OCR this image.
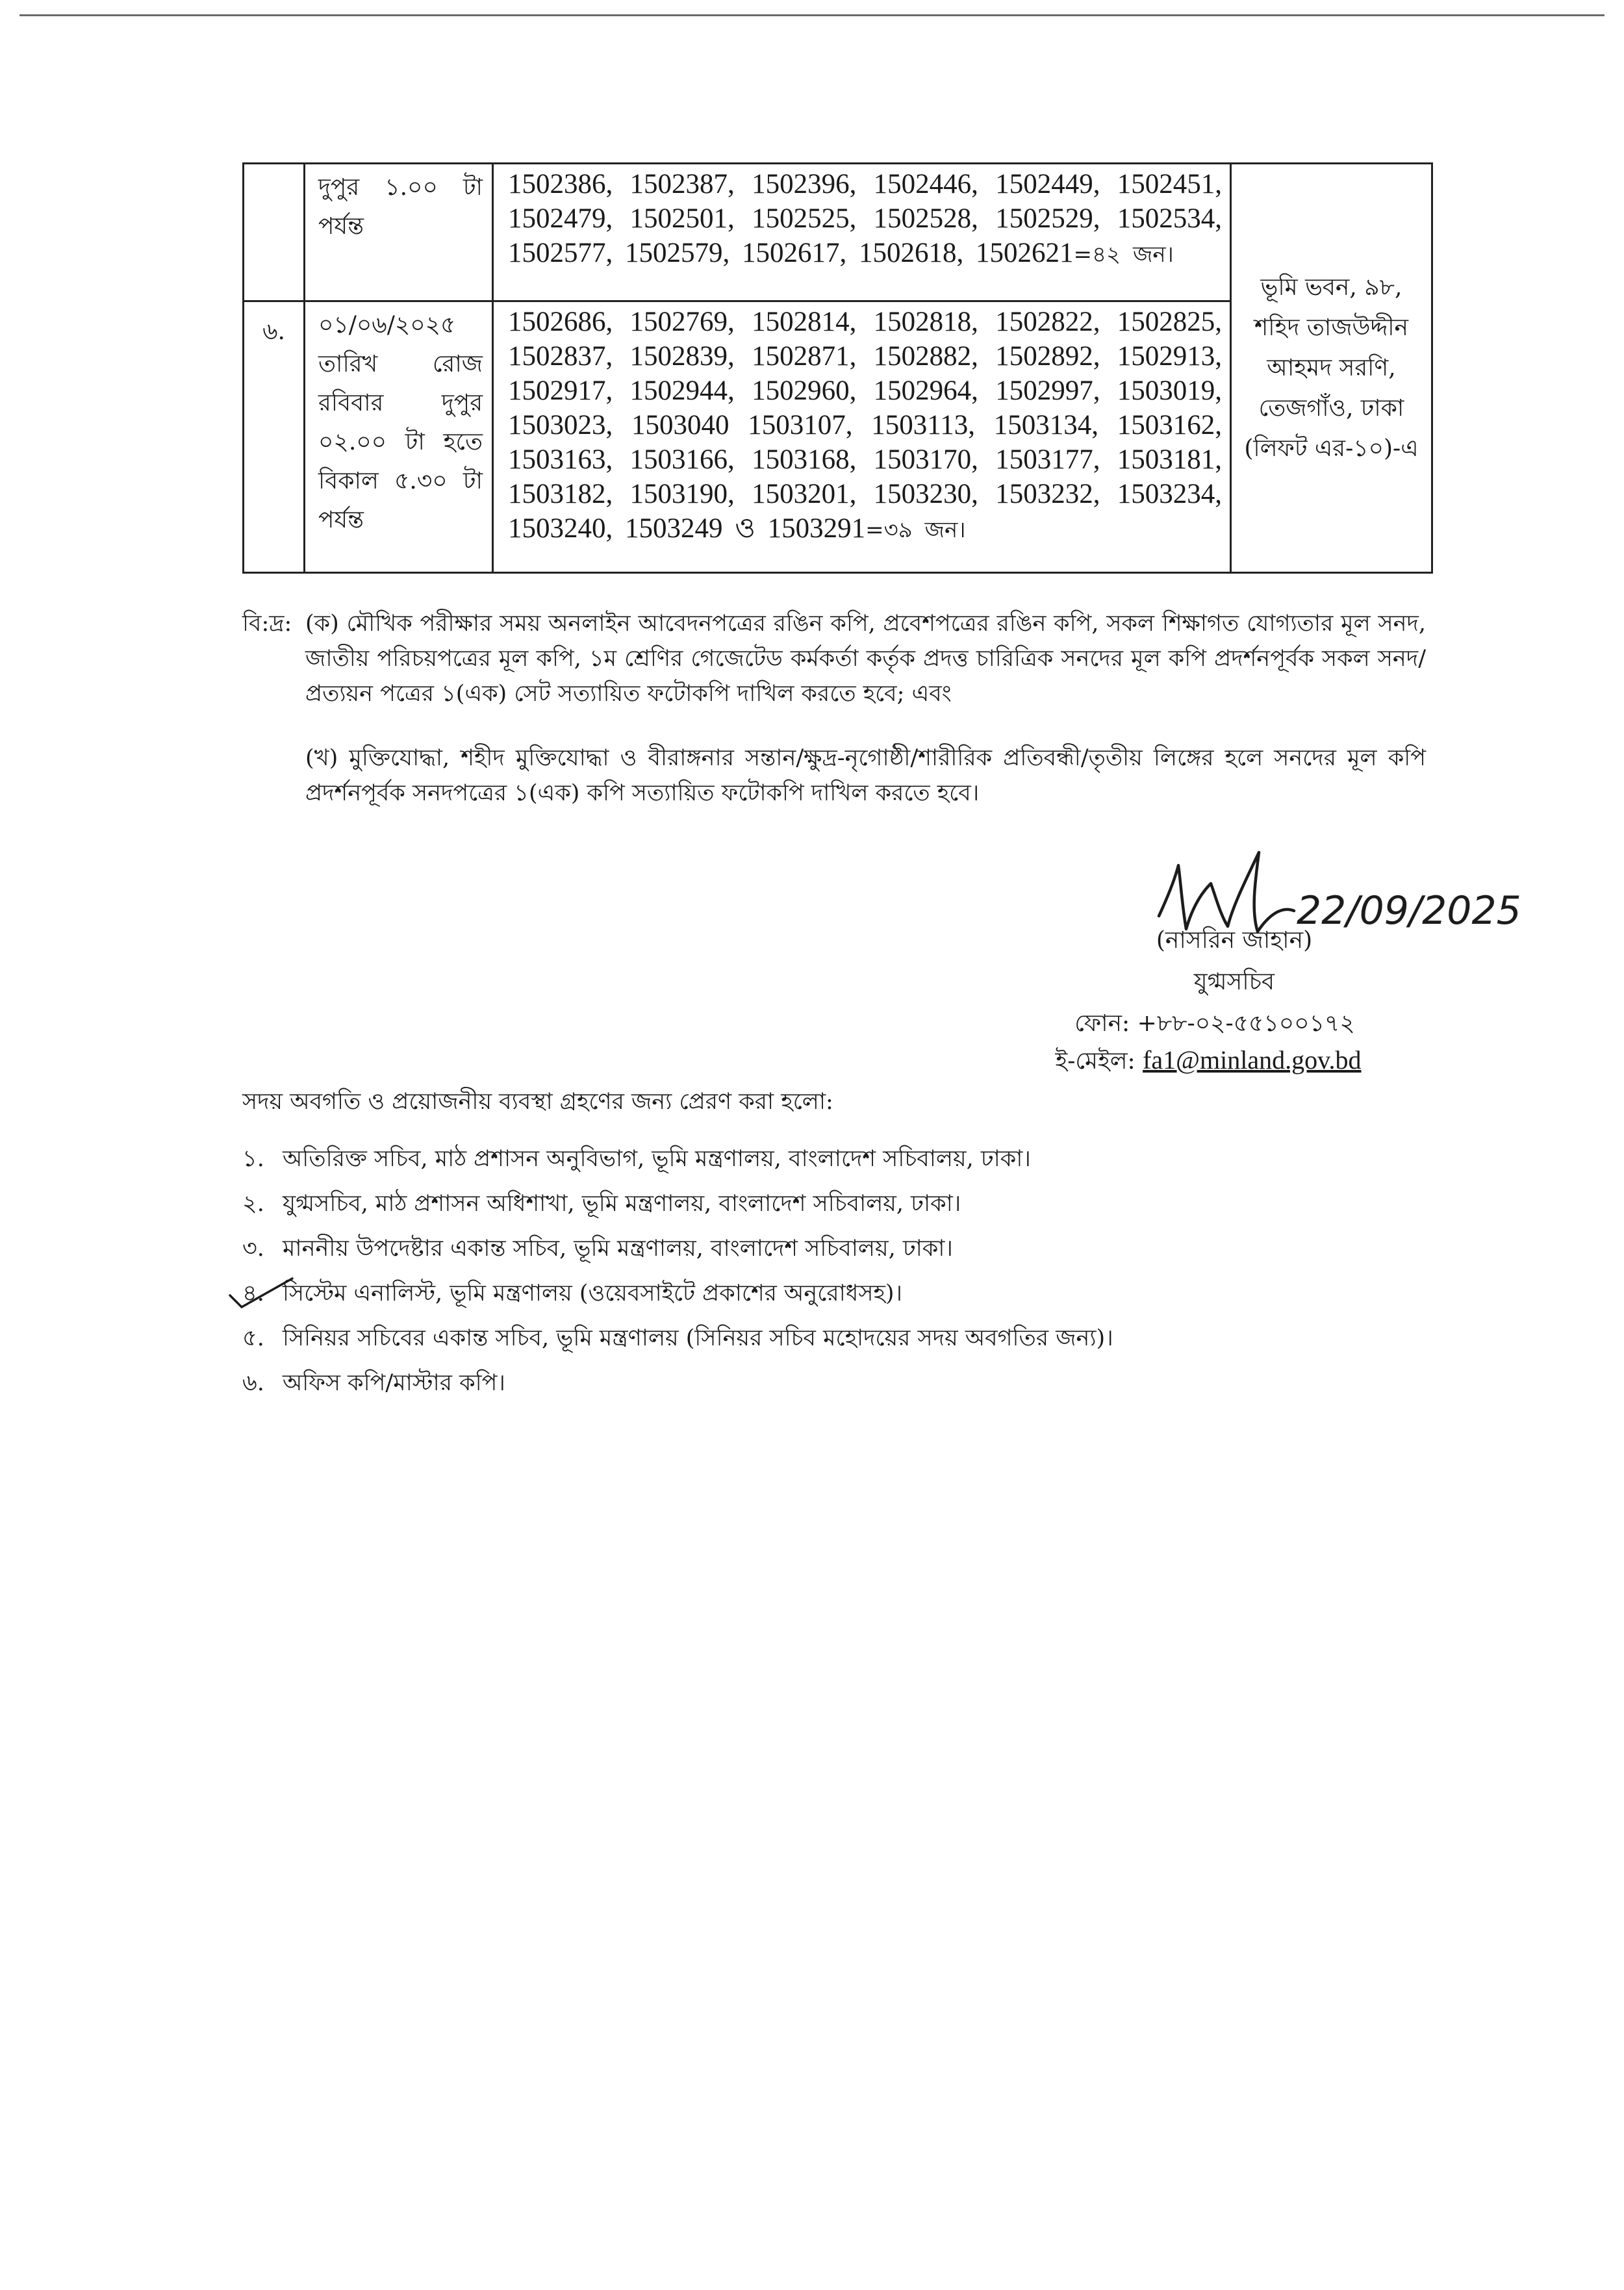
	দুপুর ১.০০ টা পর্যন্ত	1502386, 1502387, 1502396, 1502446, 1502449, 1502451, 1502479, 1502501, 1502525, 1502528, 1502529, 1502534, 1502577, 1502579, 1502617, 1502618, 1502621=৪২ জন।	ভূমি ভবন, ৯৮, শহিদ তাজউদ্দীন আহমদ সরণি, তেজগাঁও, ঢাকা (লিফট এর-১০)-এ
৬.	০১/০৬/২০২৫ তারিখ রোজ রবিবার দুপুর ০২.০০ টা হতে বিকাল ৫.৩০ টা পর্যন্ত	1502686, 1502769, 1502814, 1502818, 1502822, 1502825, 1502837, 1502839, 1502871, 1502882, 1502892, 1502913, 1502917, 1502944, 1502960, 1502964, 1502997, 1503019, 1503023, 1503040 1503107, 1503113, 1503134, 1503162, 1503163, 1503166, 1503168, 1503170, 1503177, 1503181, 1503182, 1503190, 1503201, 1503230, 1503232, 1503234, 1503240, 1503249 ও 1503291=৩৯ জন।	
বি:দ্র: (ক) মৌখিক পরীক্ষার সময় অনলাইন আবেদনপত্রের রঙিন কপি, প্রবেশপত্রের রঙিন কপি, সকল শিক্ষাগত যোগ্যতার মূল সনদ, জাতীয় পরিচয়পত্রের মূল কপি, ১ম শ্রেণির গেজেটেড কর্মকর্তা কর্তৃক প্রদত্ত চারিত্রিক সনদের মূল কপি প্রদর্শনপূর্বক সকল সনদ/প্রত্যয়ন পত্রের ১(এক) সেট সত্যায়িত ফটোকপি দাখিল করতে হবে; এবং
(খ) মুক্তিযোদ্ধা, শহীদ মুক্তিযোদ্ধা ও বীরাঙ্গনার সন্তান/ক্ষুদ্র-নৃগোষ্ঠী/শারীরিক প্রতিবন্ধী/তৃতীয় লিঙ্গের হলে সনদের মূল কপি প্রদর্শনপূর্বক সনদপত্রের ১(এক) কপি সত্যায়িত ফটোকপি দাখিল করতে হবে।
22/09/2025
(নাসরিন জাহান)
যুগ্মসচিব
ফোন: +৮৮-০২-৫৫১০০১৭২
ই-মেইল: fa1@minland.gov.bd
সদয় অবগতি ও প্রয়োজনীয় ব্যবস্থা গ্রহণের জন্য প্রেরণ করা হলো:
১. অতিরিক্ত সচিব, মাঠ প্রশাসন অনুবিভাগ, ভূমি মন্ত্রণালয়, বাংলাদেশ সচিবালয়, ঢাকা।
২. যুগ্মসচিব, মাঠ প্রশাসন অধিশাখা, ভূমি মন্ত্রণালয়, বাংলাদেশ সচিবালয়, ঢাকা।
৩. মাননীয় উপদেষ্টার একান্ত সচিব, ভূমি মন্ত্রণালয়, বাংলাদেশ সচিবালয়, ঢাকা।
৪. সিস্টেম এনালিস্ট, ভূমি মন্ত্রণালয় (ওয়েবসাইটে প্রকাশের অনুরোধসহ)।
৫. সিনিয়র সচিবের একান্ত সচিব, ভূমি মন্ত্রণালয় (সিনিয়র সচিব মহোদয়ের সদয় অবগতির জন্য)।
৬. অফিস কপি/মাস্টার কপি।
